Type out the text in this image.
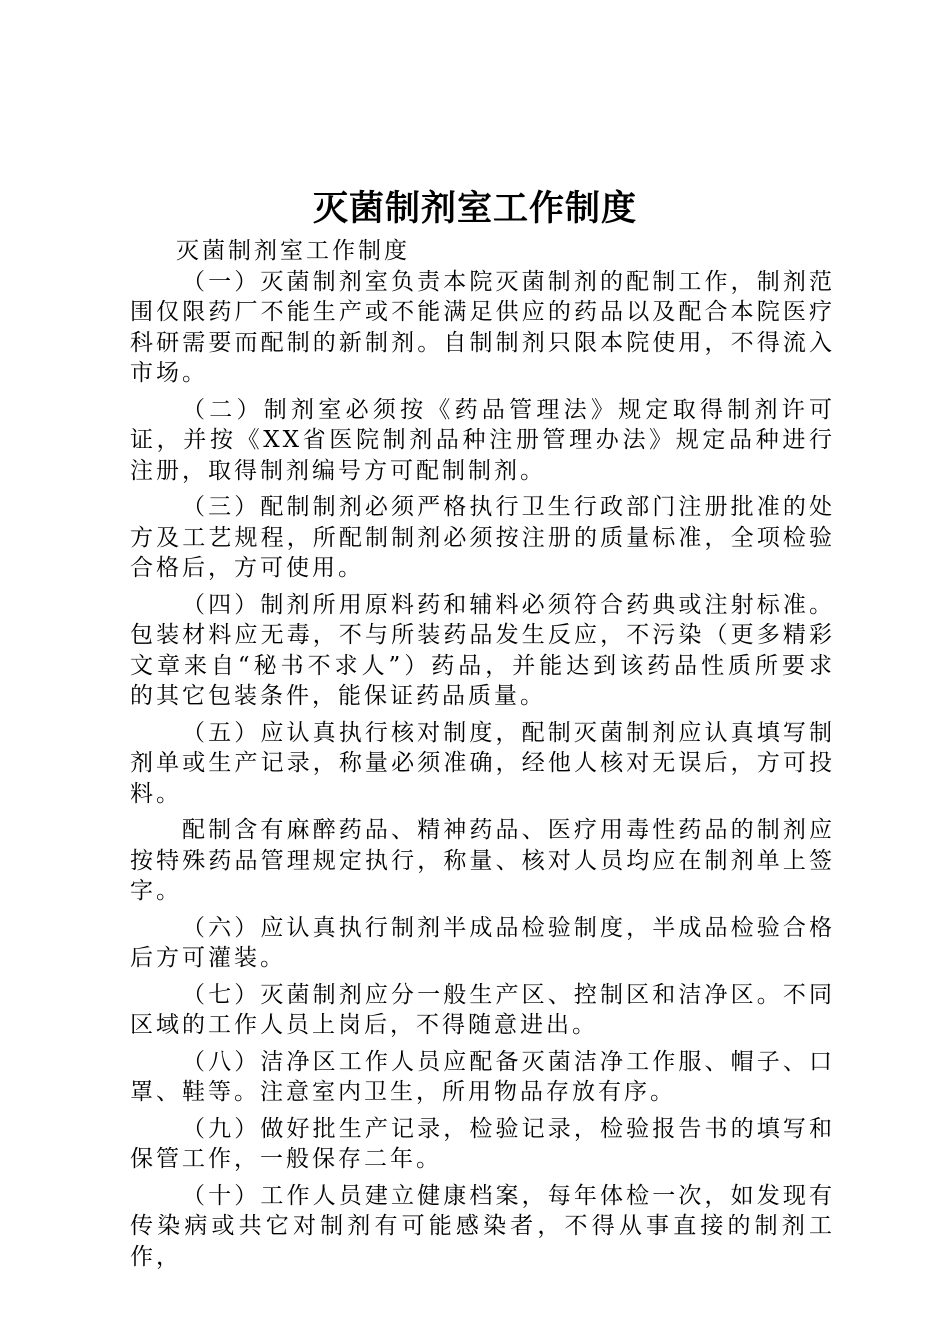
灭菌制剂室工作制度

灭菌制剂室工作制度

（一）灭菌制剂室负责本院灭菌制剂的配制工作，制剂范围仅限药厂不能生产或不能满足供应的药品以及配合本院医疗科研需要而配制的新制剂。自制制剂只限本院使用，不得流入市场。

（二）制剂室必须按《药品管理法》规定取得制剂许可证，并按《XX省医院制剂品种注册管理办法》规定品种进行注册，取得制剂编号方可配制制剂。

（三）配制制剂必须严格执行卫生行政部门注册批准的处方及工艺规程，所配制制剂必须按注册的质量标准，全项检验合格后，方可使用。

（四）制剂所用原料药和辅料必须符合药典或注射标准。包装材料应无毒，不与所装药品发生反应，不污染（更多精彩文章来自“秘书不求人”）药品，并能达到该药品性质所要求的其它包装条件，能保证药品质量。

（五）应认真执行核对制度，配制灭菌制剂应认真填写制剂单或生产记录，称量必须准确，经他人核对无误后，方可投料。

配制含有麻醉药品、精神药品、医疗用毒性药品的制剂应按特殊药品管理规定执行，称量、核对人员均应在制剂单上签字。

（六）应认真执行制剂半成品检验制度，半成品检验合格后方可灌装。

（七）灭菌制剂应分一般生产区、控制区和洁净区。不同区域的工作人员上岗后，不得随意进出。

（八）洁净区工作人员应配备灭菌洁净工作服、帽子、口罩、鞋等。注意室内卫生，所用物品存放有序。

（九）做好批生产记录，检验记录，检验报告书的填写和保管工作，一般保存二年。

（十）工作人员建立健康档案，每年体检一次，如发现有传染病或共它对制剂有可能感染者，不得从事直接的制剂工作，
